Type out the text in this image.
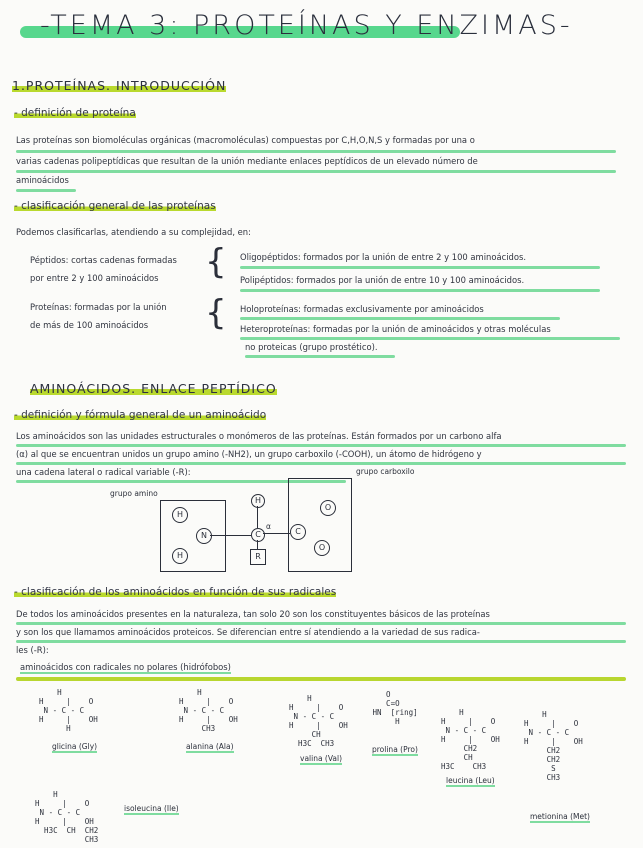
-TEMA 3: PROTEÍNAS Y ENZIMAS-
1.PROTEÍNAS. INTRODUCCIÓN
- definición de proteína
Las proteínas son biomoléculas orgánicas (macromoléculas) compuestas por C,H,O,N,S y formadas por una o
varias cadenas polipeptídicas que resultan de la unión mediante enlaces peptídicos de un elevado número de
aminoácidos
- clasificación general de las proteínas
Podemos clasificarlas, atendiendo a su complejidad, en:
Péptidos: cortas cadenas formadas
por entre 2 y 100 aminoácidos { Oligopéptidos: formados por la unión de entre 2 y 100 aminoácidos.
Polipéptidos: formados por la unión de entre 10 y 100 aminoácidos.
Proteínas: formadas por la unión
de más de 100 aminoácidos { Holoproteínas: formadas exclusivamente por aminoácidos
Heteroproteínas: formadas por la unión de aminoácidos y otras moléculas
no proteicas (grupo prostético).
AMINOÁCIDOS. ENLACE PEPTÍDICO
- definición y fórmula general de un aminoácido
Los aminoácidos son las unidades estructurales o monómeros de las proteínas. Están formados por un carbono alfa
(α) al que se encuentran unidos un grupo amino (-NH2), un grupo carboxilo (-COOH), un átomo de hidrógeno y
una cadena lateral o radical variable (-R):	grupo carboxilo
grupo amino
H
N
H
H
C
α
C
O
O
R
- clasificación de los aminoácidos en función de sus radicales
De todos los aminoácidos presentes en la naturaleza, tan solo 20 son los constituyentes básicos de las proteínas
y son los que llamamos aminoácidos proteicos. Se diferencian entre sí atendiendo a la variedad de sus radica-
les (-R):
aminoácidos con radicales no polares (hidrófobos)
H
H     |    O
N - C - C
H     |    OH
H
glicina (Gly)
H
H     |    O
N - C - C
H     |    OH
CH3
alanina (Ala)
H
H     |    O
N - C - C
H     |    OH
CH
H3C  CH3
valina (Val)
O
C=O
HN  [ring]
H
prolina (Pro)
H
H     |    O
N - C - C
H     |    OH
CH2
CH
H3C    CH3
leucina (Leu)
H
H     |    O
N - C - C
H     |    OH
CH2
CH2
S
CH3
metionina (Met)
H
H     |    O
N - C - C
H     |    OH
H3C  CH  CH2
CH3
isoleucina (Ile)
